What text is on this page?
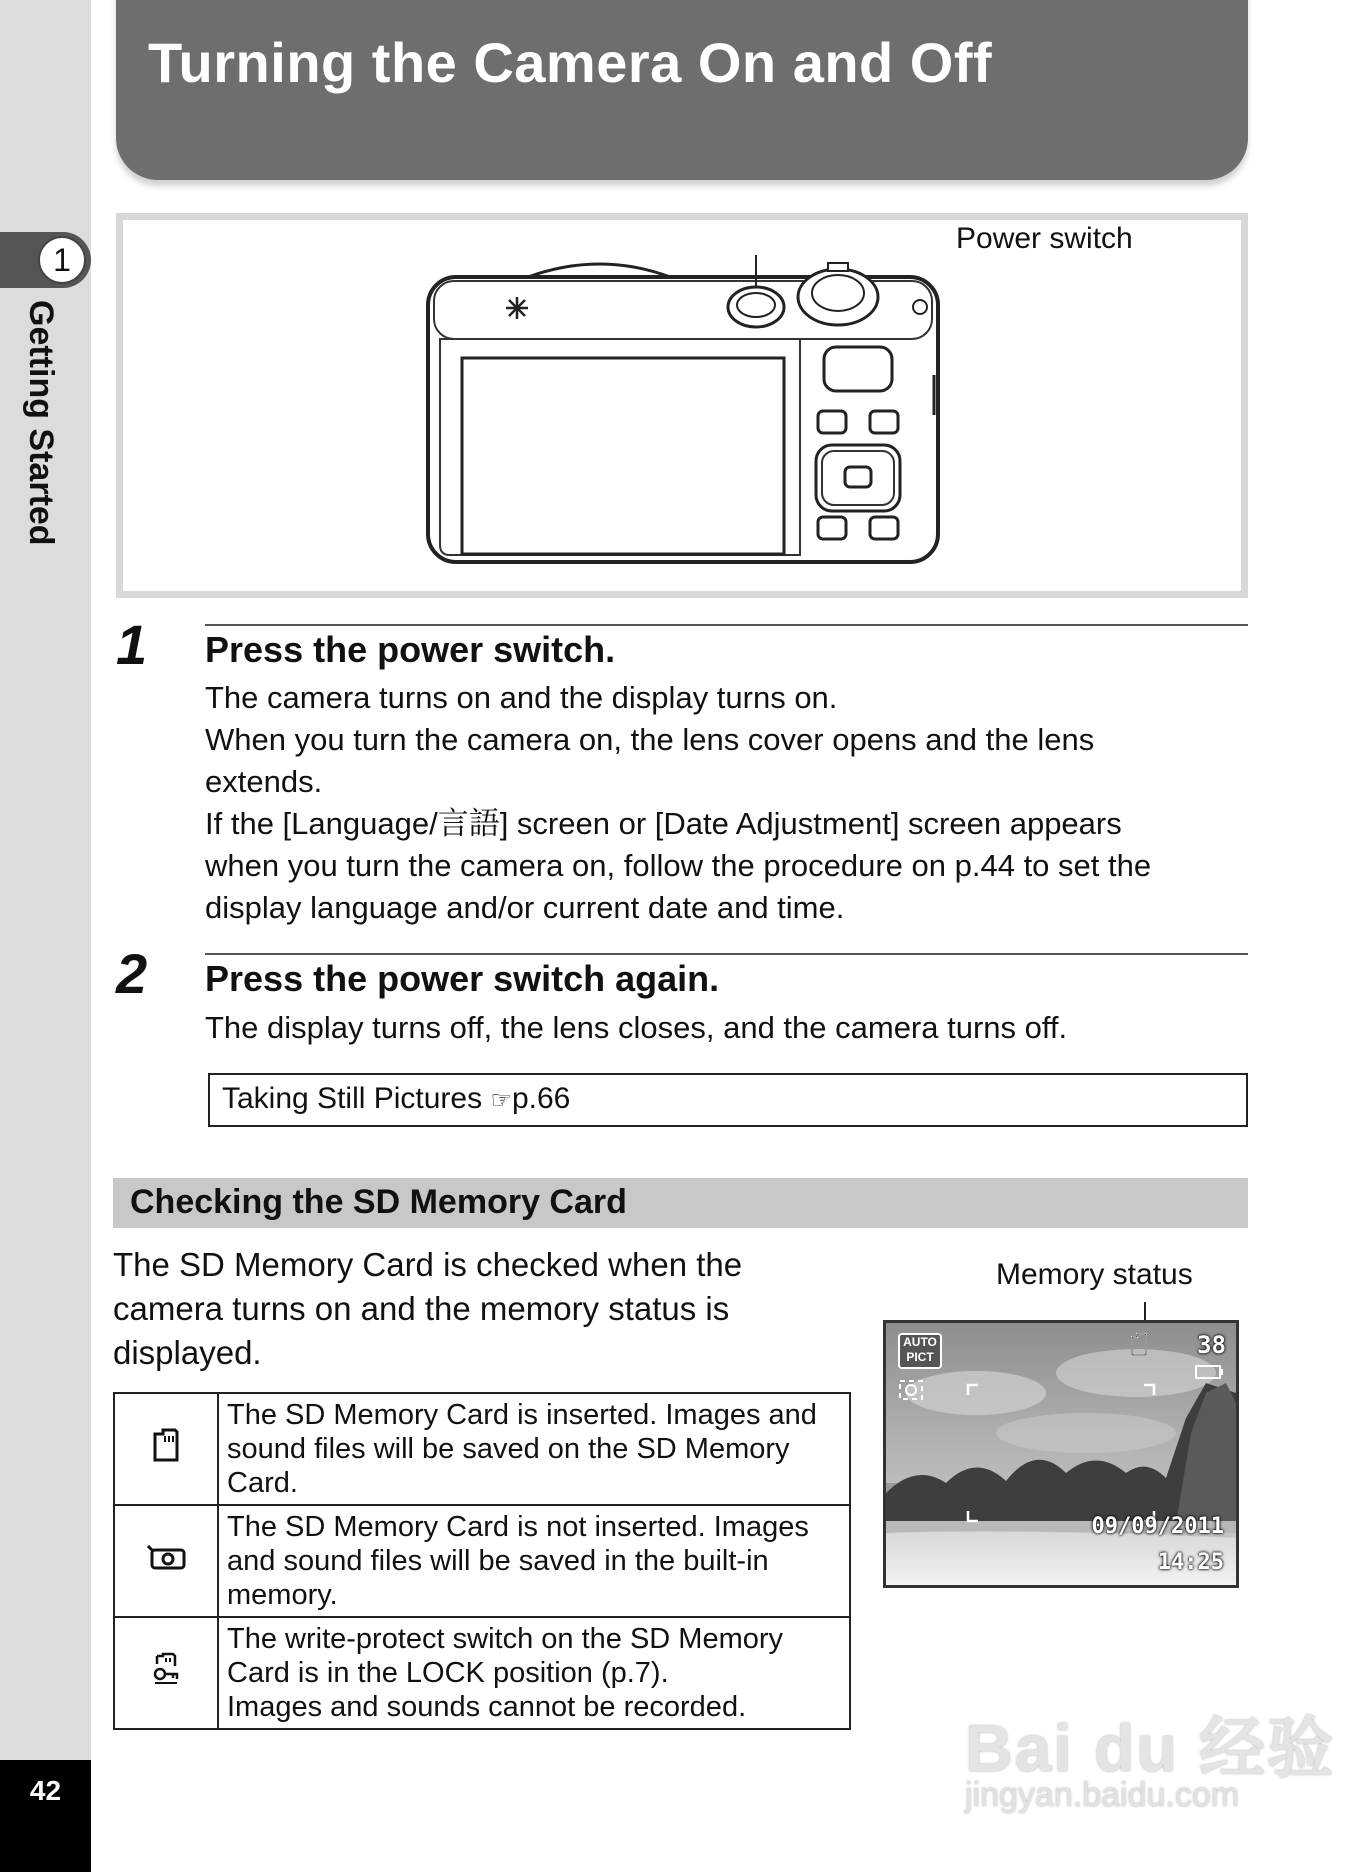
1
Getting Started
42
Turning the Camera On and Off
Power switch
1 Press the power switch.
The camera turns on and the display turns on.
When you turn the camera on, the lens cover opens and the lens
extends.
If the [Language/言語] screen or [Date Adjustment] screen appears
when you turn the camera on, follow the procedure on p.44 to set the
display language and/or current date and time.
2 Press the power switch again.
The display turns off, the lens closes, and the camera turns off.
Taking Still Pictures ☞p.66
Checking the SD Memory Card
The SD Memory Card is checked when the
camera turns on and the memory status is
displayed.

The SD Memory Card is inserted. Images and
sound files will be saved on the SD Memory
Card.

The SD Memory Card is not inserted. Images
and sound files will be saved in the built-in
memory.

The write-protect switch on the SD Memory
Card is in the LOCK position (p.7).
Images and sounds cannot be recorded.
Memory status
AUTO
PICT	38
09/09/2011
14:25
Bai du 经验
jingyan.baidu.com
